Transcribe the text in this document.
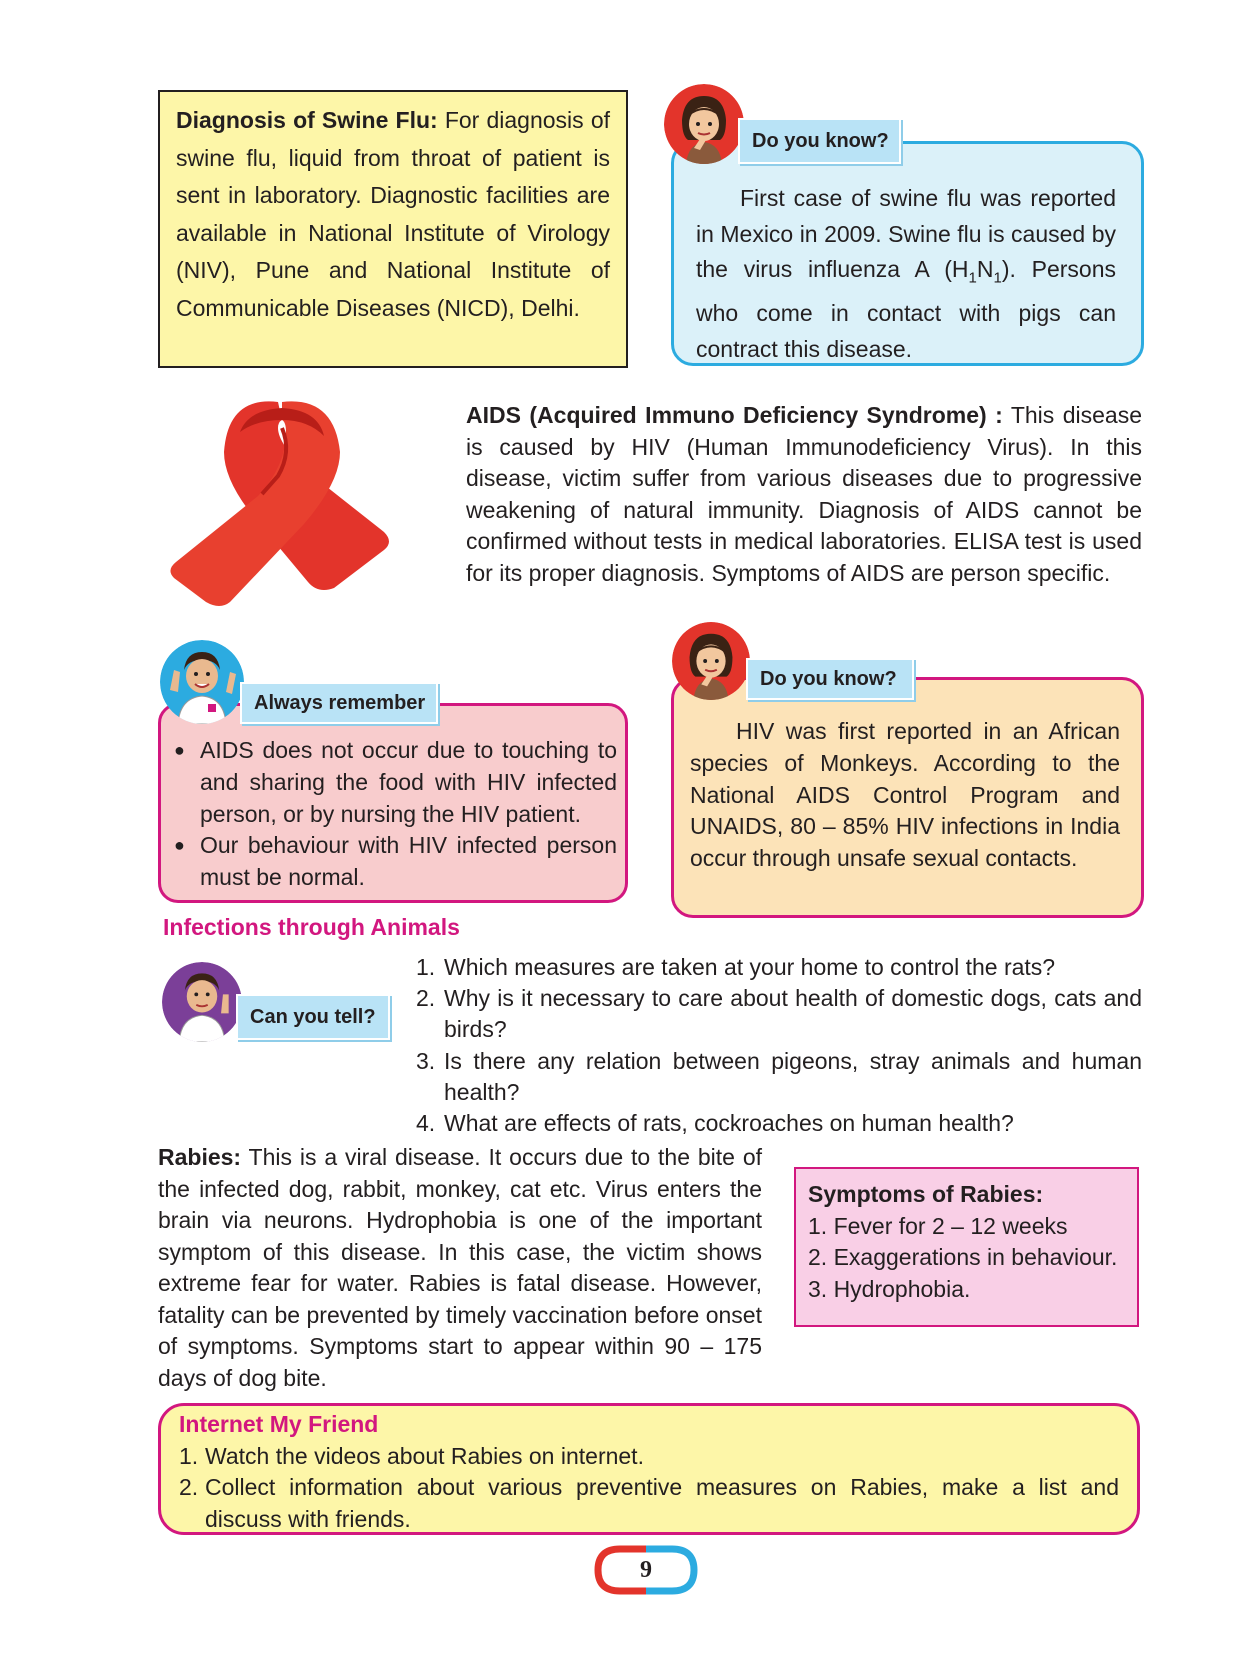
Diagnosis of Swine Flu: For diagnosis of swine flu, liquid from throat of patient is sent in laboratory. Diagnostic facilities are available in National Institute of Virology (NIV), Pune and National Institute of Communicable Diseases (NICD), Delhi.
Do you know?
First case of swine flu was reported in Mexico in 2009. Swine flu is caused by the virus influenza A $(H_1N_1)$. Persons who come in contact with pigs can contract this disease.
AIDS (Acquired Immuno Deficiency Syndrome) : This disease is caused by HIV (Human Immunodeficiency Virus). In this disease, victim suffer from various diseases due to progressive weakening of natural immunity. Diagnosis of AIDS cannot be confirmed without tests in medical laboratories. ELISA test is used for its proper diagnosis. Symptoms of AIDS are person specific.
Always remember
● AIDS does not occur due to touching to and sharing the food with HIV infected person, or by nursing the HIV patient.
● Our behaviour with HIV infected person must be normal.
Do you know?
HIV was first reported in an African species of Monkeys. According to the National AIDS Control Program and UNAIDS, 80 – 85% HIV infections in India occur through unsafe sexual contacts.
Infections through Animals
Can you tell?
1. Which measures are taken at your home to control the rats?
2. Why is it necessary to care about health of domestic dogs, cats and birds?
3. Is there any relation between pigeons, stray animals and human health?
4. What are effects of rats, cockroaches on human health?
Rabies: This is a viral disease. It occurs due to the bite of the infected dog, rabbit, monkey, cat etc. Virus enters the brain via neurons. Hydrophobia is one of the important symptom of this disease. In this case, the victim shows extreme fear for water. Rabies is fatal disease. However, fatality can be prevented by timely vaccination before onset of symptoms. Symptoms start to appear within 90 – 175 days of dog bite.
Symptoms of Rabies:
1. Fever for 2 – 12 weeks
2. Exaggerations in behaviour.
3. Hydrophobia.
Internet My Friend
1. Watch the videos about Rabies on internet.
2. Collect information about various preventive measures on Rabies, make a list and discuss with friends.
9
